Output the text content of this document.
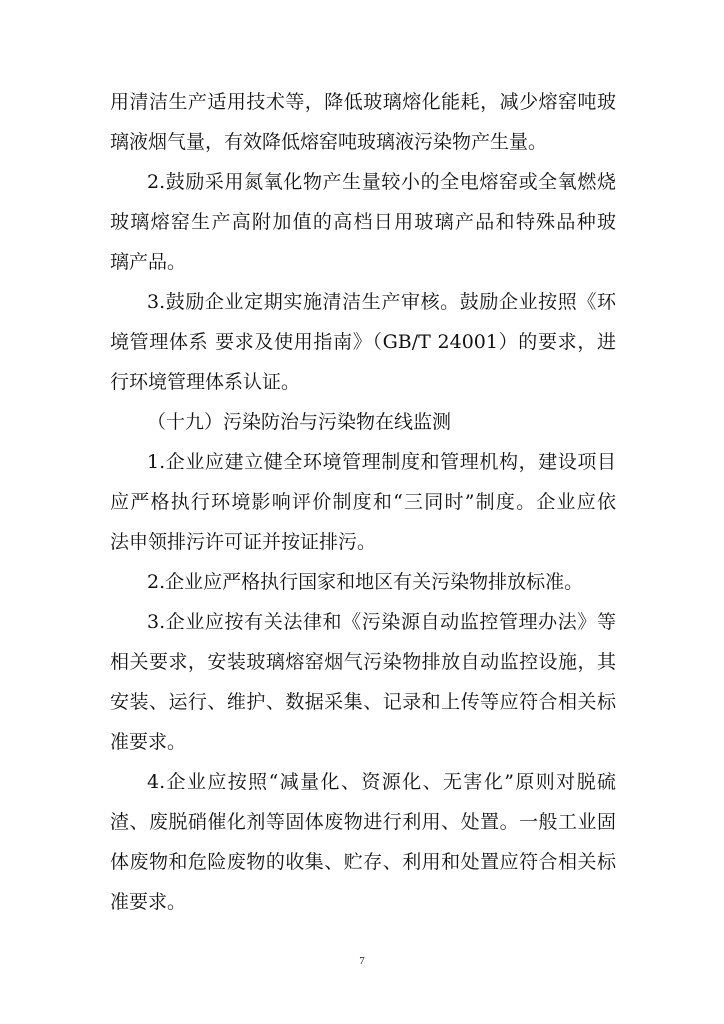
用清洁生产适用技术等，降低玻璃熔化能耗，减少熔窑吨玻
璃液烟气量，有效降低熔窑吨玻璃液污染物产生量。
2.鼓励采用氮氧化物产生量较小的全电熔窑或全氧燃烧
玻璃熔窑生产高附加值的高档日用玻璃产品和特殊品种玻
璃产品。
3.鼓励企业定期实施清洁生产审核。鼓励企业按照《环
境管理体系 要求及使用指南》（GB/T 24001）的要求，进
行环境管理体系认证。
（十九）污染防治与污染物在线监测
1.企业应建立健全环境管理制度和管理机构，建设项目
应严格执行环境影响评价制度和“三同时”制度。企业应依
法申领排污许可证并按证排污。
2.企业应严格执行国家和地区有关污染物排放标准。
3.企业应按有关法律和《污染源自动监控管理办法》等
相关要求，安装玻璃熔窑烟气污染物排放自动监控设施，其
安装、运行、维护、数据采集、记录和上传等应符合相关标
准要求。
4.企业应按照“减量化、资源化、无害化”原则对脱硫
渣、废脱硝催化剂等固体废物进行利用、处置。一般工业固
体废物和危险废物的收集、贮存、利用和处置应符合相关标
准要求。
7
